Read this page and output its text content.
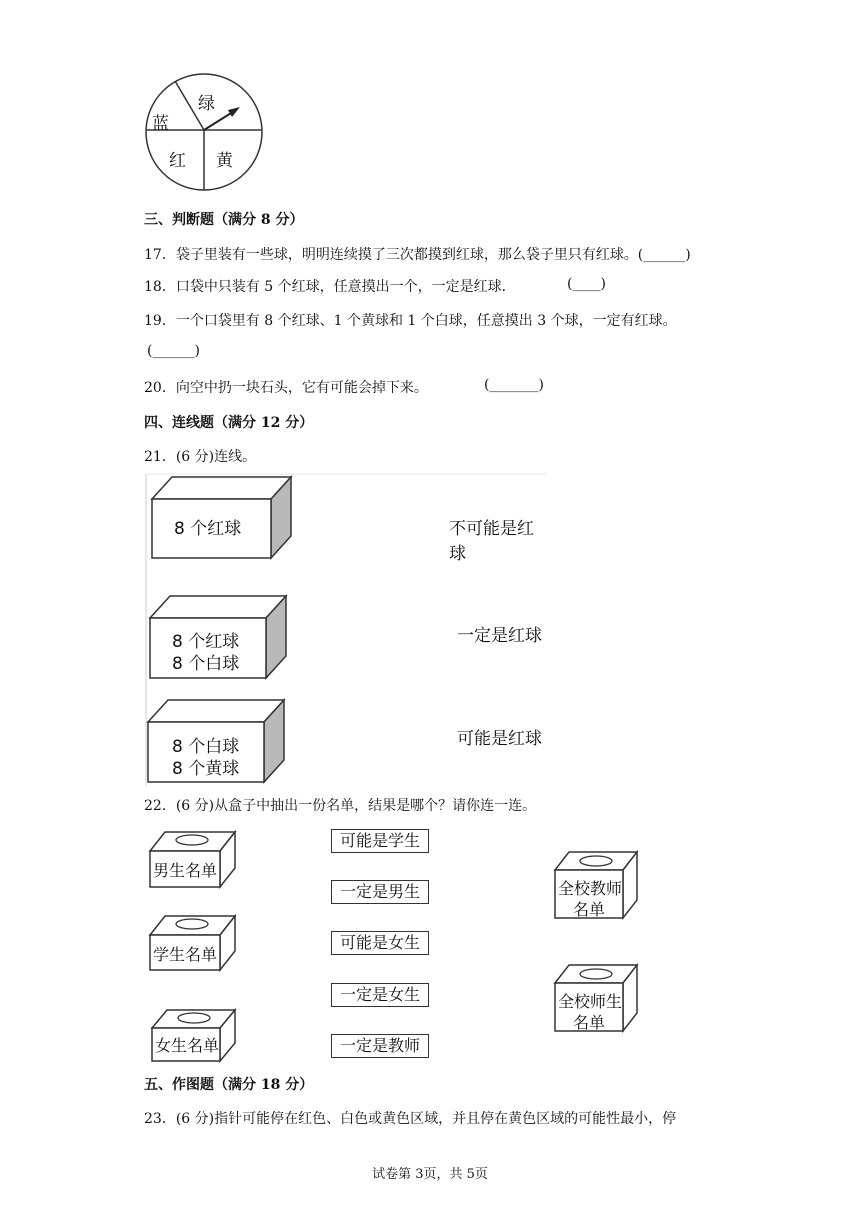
绿
蓝
红 黄
三、判断题（满分 8 分）
17．袋子里装有一些球，明明连续摸了三次都摸到红球，那么袋子里只有红球。(______)
18．口袋中只装有 5 个红球，任意摸出一个，一定是红球．	(____)
19．一个口袋里有 8 个红球、1 个黄球和 1 个白球，任意摸出 3 个球，一定有红球。
(______)
20．向空中扔一块石头，它有可能会掉下来。	(_______)
四、连线题（满分 12 分）
21．(6 分)连线。
8 个红球
8 个红球
8 个白球
8 个白球
8 个黄球
不可能是红球
一定是红球
可能是红球
22．(6 分)从盒子中抽出一份名单，结果是哪个？请你连一连。
男生名单
学生名单
女生名单
全校教师
名单
全校师生
名单
可能是学生
一定是男生
可能是女生
一定是女生
一定是教师
五、作图题（满分 18 分）
23．(6 分)指针可能停在红色、白色或黄色区域，并且停在黄色区域的可能性最小，停
试卷第 3页，共 5页
